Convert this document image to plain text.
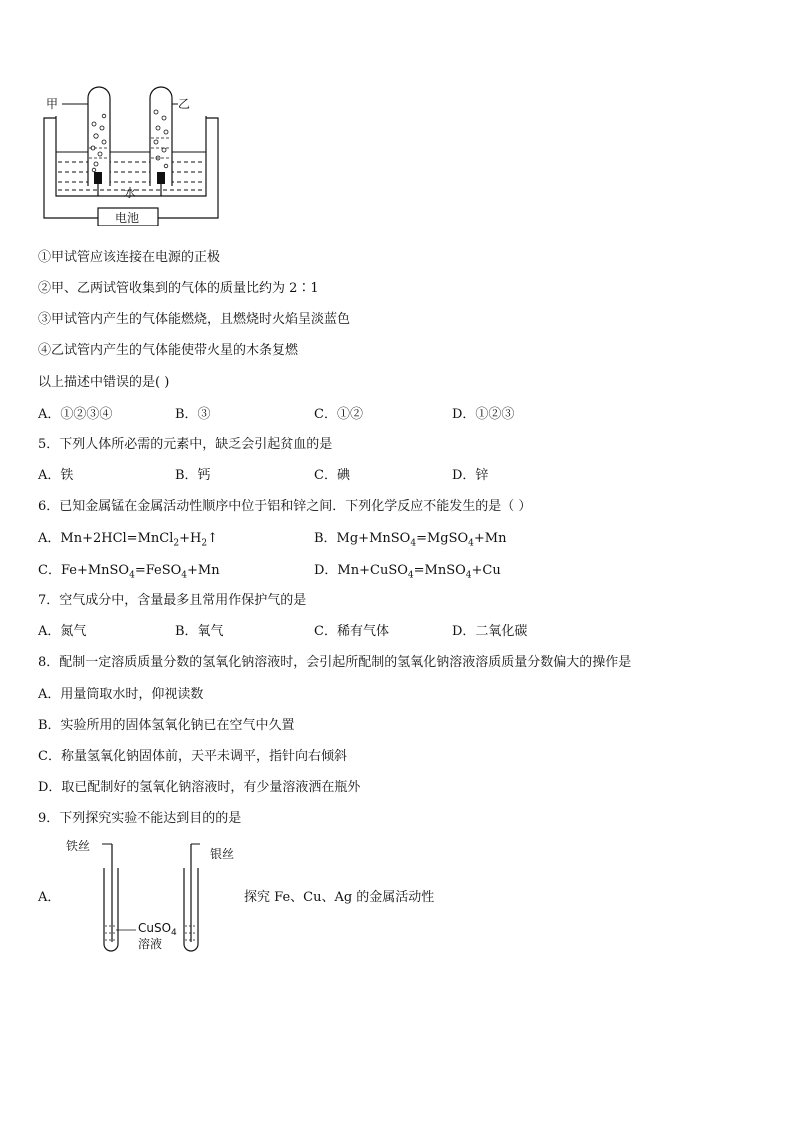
甲	乙
水
电池
①甲试管应该连接在电源的正极
②甲、乙两试管收集到的气体的质量比约为 2∶1
③甲试管内产生的气体能燃烧，且燃烧时火焰呈淡蓝色
④乙试管内产生的气体能使带火星的木条复燃
以上描述中错误的是( )
A．①②③④	B．③	C．①②	D．①②③
5．下列人体所必需的元素中，缺乏会引起贫血的是
A．铁	B．钙	C．碘	D．锌
6．已知金属锰在金属活动性顺序中位于铝和锌之间．下列化学反应不能发生的是（ ）
A．$Mn+2HCl=MnCl_2+H_2↑$	B．Mg+MnSO$_4$=MgSO$_4$+Mn
C．Fe+MnSO$_4$=FeSO$_4$+Mn	D．Mn+CuSO$_4$=MnSO$_4$+Cu
7．空气成分中，含量最多且常用作保护气的是
A．氮气	B．氧气	C．稀有气体	D．二氧化碳
8．配制一定溶质质量分数的氢氧化钠溶液时，会引起所配制的氢氧化钠溶液溶质质量分数偏大的操作是
A．用量筒取水时，仰视读数
B．实验所用的固体氢氧化钠已在空气中久置
C．称量氢氧化钠固体前，天平未调平，指针向右倾斜
D．取已配制好的氢氧化钠溶液时，有少量溶液洒在瓶外
9．下列探究实验不能达到目的的是
A．
铁丝
银丝
CuSO$_4$
溶液
探究 Fe、Cu、Ag 的金属活动性
